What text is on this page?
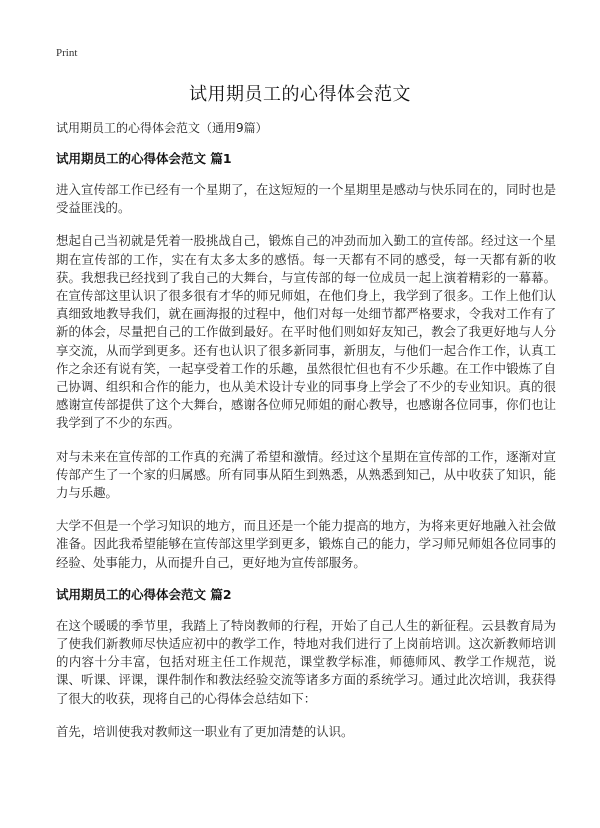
Print
试用期员工的心得体会范文
试用期员工的心得体会范文（通用9篇）
试用期员工的心得体会范文 篇1

进入宣传部工作已经有一个星期了，在这短短的一个星期里是感动与快乐同在的，同时也是受益匪浅的。

想起自己当初就是凭着一股挑战自己，锻炼自己的冲劲而加入勤工的宣传部。经过这一个星期在宣传部的工作，实在有太多太多的感悟。每一天都有不同的感受，每一天都有新的收获。我想我已经找到了我自己的大舞台，与宣传部的每一位成员一起上演着精彩的一幕幕。在宣传部这里认识了很多很有才华的师兄师姐，在他们身上，我学到了很多。工作上他们认真细致地教导我们，就在画海报的过程中，他们对每一处细节都严格要求，令我对工作有了新的体会，尽量把自己的工作做到最好。在平时他们则如好友知己，教会了我更好地与人分享交流，从而学到更多。还有也认识了很多新同事，新朋友，与他们一起合作工作，认真工作之余还有说有笑，一起享受着工作的乐趣，虽然很忙但也有不少乐趣。在工作中锻炼了自己协调、组织和合作的能力，也从美术设计专业的同事身上学会了不少的专业知识。真的很感谢宣传部提供了这个大舞台，感谢各位师兄师姐的耐心教导，也感谢各位同事，你们也让我学到了不少的东西。

对与未来在宣传部的工作真的充满了希望和激情。经过这个星期在宣传部的工作，逐渐对宣传部产生了一个家的归属感。所有同事从陌生到熟悉，从熟悉到知己，从中收获了知识，能力与乐趣。

大学不但是一个学习知识的地方，而且还是一个能力提高的地方，为将来更好地融入社会做准备。因此我希望能够在宣传部这里学到更多，锻炼自己的能力，学习师兄师姐各位同事的经验、处事能力，从而提升自己，更好地为宣传部服务。

试用期员工的心得体会范文 篇2

在这个暖暖的季节里，我踏上了特岗教师的行程，开始了自己人生的新征程。云县教育局为了使我们新教师尽快适应初中的教学工作，特地对我们进行了上岗前培训。这次新教师培训的内容十分丰富，包括对班主任工作规范，课堂教学标准，师德师风、教学工作规范，说课、听课、评课，课件制作和教法经验交流等诸多方面的系统学习。通过此次培训，我获得了很大的收获，现将自己的心得体会总结如下：

首先，培训使我对教师这一职业有了更加清楚的认识。
